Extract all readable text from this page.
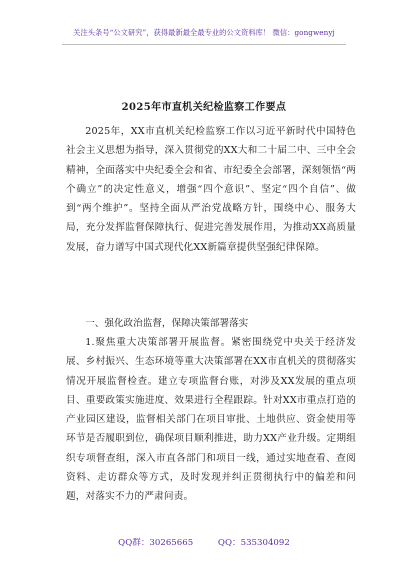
关注头条号“公文研究”，获得最新最全最专业的公文资料库！ 微信：gongwenyj
2025年市直机关纪检监察工作要点
2025年，XX市直机关纪检监察工作以习近平新时代中国特色社会主义思想为指导，深入贯彻党的XX大和二十届二中、三中全会精神，全面落实中央纪委全会和省、市纪委全会部署，深刻领悟“两个确立”的决定性意义，增强“四个意识”、坚定“四个自信”、做到“两个维护”。坚持全面从严治党战略方针，围绕中心、服务大局，充分发挥监督保障执行、促进完善发展作用，为推动XX高质量发展，奋力谱写中国式现代化XX新篇章提供坚强纪律保障。
一、强化政治监督，保障决策部署落实
1.聚焦重大决策部署开展监督。紧密围绕党中央关于经济发展、乡村振兴、生态环境等重大决策部署在XX市直机关的贯彻落实情况开展监督检查。建立专项监督台账，对涉及XX发展的重点项目、重要政策实施进度、效果进行全程跟踪。针对XX市重点打造的产业园区建设，监督相关部门在项目审批、土地供应、资金使用等环节是否履职到位，确保项目顺利推进，助力XX产业升级。定期组织专项督查组，深入市直各部门和项目一线，通过实地查看、查阅资料、走访群众等方式，及时发现并纠正贯彻执行中的偏差和问题，对落实不力的严肃问责。
QQ群：30265665	QQ：535304092
